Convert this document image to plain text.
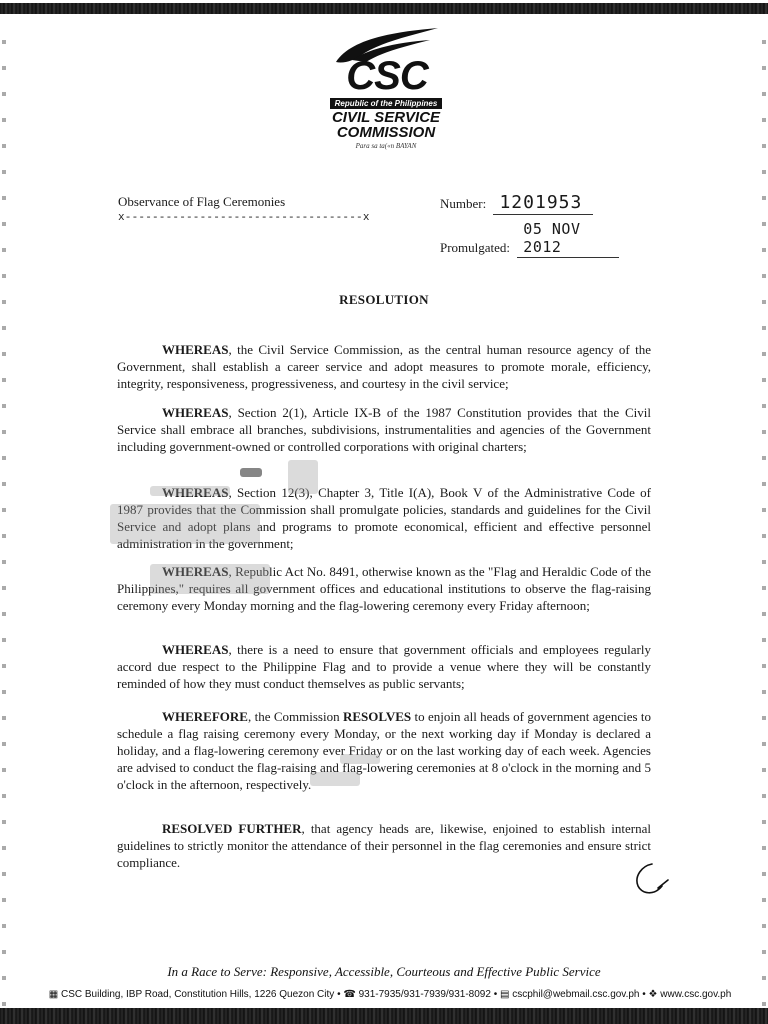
CSC
Republic of the Philippines
CIVIL SERVICE
COMMISSION
Para sa ta(«n BAYAN
Observance of Flag Ceremonies
x-----------------------------------x
Number: 1201953
Promulgated: 05 NOV 2012
RESOLUTION
WHEREAS, the Civil Service Commission, as the central human resource agency of the Government, shall establish a career service and adopt measures to promote morale, efficiency, integrity, responsiveness, progressiveness, and courtesy in the civil service;
WHEREAS, Section 2(1), Article IX-B of the 1987 Constitution provides that the Civil Service shall embrace all branches, subdivisions, instrumentalities and agencies of the Government including government-owned or controlled corporations with original charters;
WHEREAS, Section 12(3), Chapter 3, Title I(A), Book V of the Administrative Code of 1987 provides that the Commission shall promulgate policies, standards and guidelines for the Civil Service and adopt plans and programs to promote economical, efficient and effective personnel administration in the government;
WHEREAS, Republic Act No. 8491, otherwise known as the "Flag and Heraldic Code of the Philippines," requires all government offices and educational institutions to observe the flag-raising ceremony every Monday morning and the flag-lowering ceremony every Friday afternoon;
WHEREAS, there is a need to ensure that government officials and employees regularly accord due respect to the Philippine Flag and to provide a venue where they will be constantly reminded of how they must conduct themselves as public servants;
WHEREFORE, the Commission RESOLVES to enjoin all heads of government agencies to schedule a flag raising ceremony every Monday, or the next working day if Monday is declared a holiday, and a flag-lowering ceremony ever Friday or on the last working day of each week. Agencies are advised to conduct the flag-raising and flag-lowering ceremonies at 8 o'clock in the morning and 5 o'clock in the afternoon, respectively.
RESOLVED FURTHER, that agency heads are, likewise, enjoined to establish internal guidelines to strictly monitor the attendance of their personnel in the flag ceremonies and ensure strict compliance.
In a Race to Serve: Responsive, Accessible, Courteous and Effective Public Service
▦ CSC Building, IBP Road, Constitution Hills, 1226 Quezon City • ☎ 931-7935/931-7939/931-8092 • ▤ cscphil@webmail.csc.gov.ph • ❖ www.csc.gov.ph
